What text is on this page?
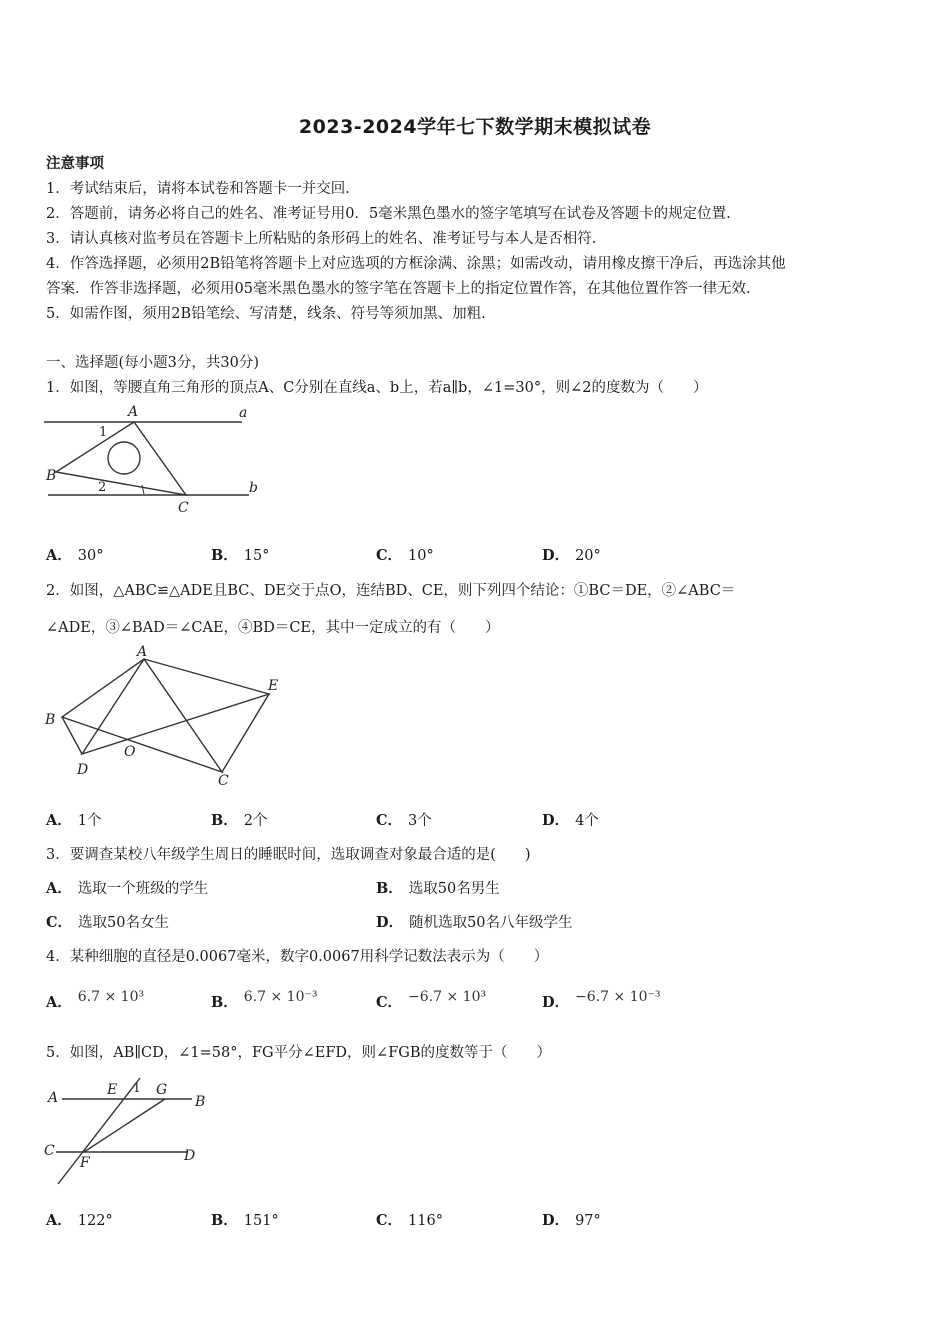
2023-2024学年七下数学期末模拟试卷
注意事项
1．考试结束后，请将本试卷和答题卡一并交回.
2．答题前，请务必将自己的姓名、准考证号用0．5毫米黑色墨水的签字笔填写在试卷及答题卡的规定位置.
3．请认真核对监考员在答题卡上所粘贴的条形码上的姓名、准考证号与本人是否相符.
4．作答选择题，必须用2B铅笔将答题卡上对应选项的方框涂满、涂黑；如需改动，请用橡皮擦干净后，再选涂其他
答案．作答非选择题，必须用05毫米黑色墨水的签字笔在答题卡上的指定位置作答，在其他位置作答一律无效.
5．如需作图，须用2B铅笔绘、写清楚，线条、符号等须加黑、加粗.
一、选择题(每小题3分，共30分)
1．如图，等腰直角三角形的顶点A、C分别在直线a、b上，若a∥b，∠1=30°，则∠2的度数为（　　）
A	a
1
B
2	b
C
A． 30°	B． 15°	C． 10°	D． 20°
2．如图，△ABC≌△ADE且BC、DE交于点O，连结BD、CE，则下列四个结论：①BC＝DE，②∠ABC＝
∠ADE，③∠BAD＝∠CAE，④BD＝CE，其中一定成立的有（　　）
A
E
B
D
O
C
A． 1个	B． 2个	C． 3个	D． 4个
3．要调查某校八年级学生周日的睡眠时间，选取调查对象最合适的是(　　)
A． 选取一个班级的学生	B． 选取50名男生
C． 选取50名女生	D． 随机选取50名八年级学生
4．某种细胞的直径是0.0067毫米，数字0.0067用科学记数法表示为（　　）
A． 6.7 × 10³	B． 6.7 × 10⁻³	C． −6.7 × 10³	D． −6.7 × 10⁻³
5．如图，AB∥CD，∠1=58°，FG平分∠EFD，则∠FGB的度数等于（　　）
A	E 1 G
B
C
F	D
A． 122°	B． 151°	C． 116°	D． 97°
